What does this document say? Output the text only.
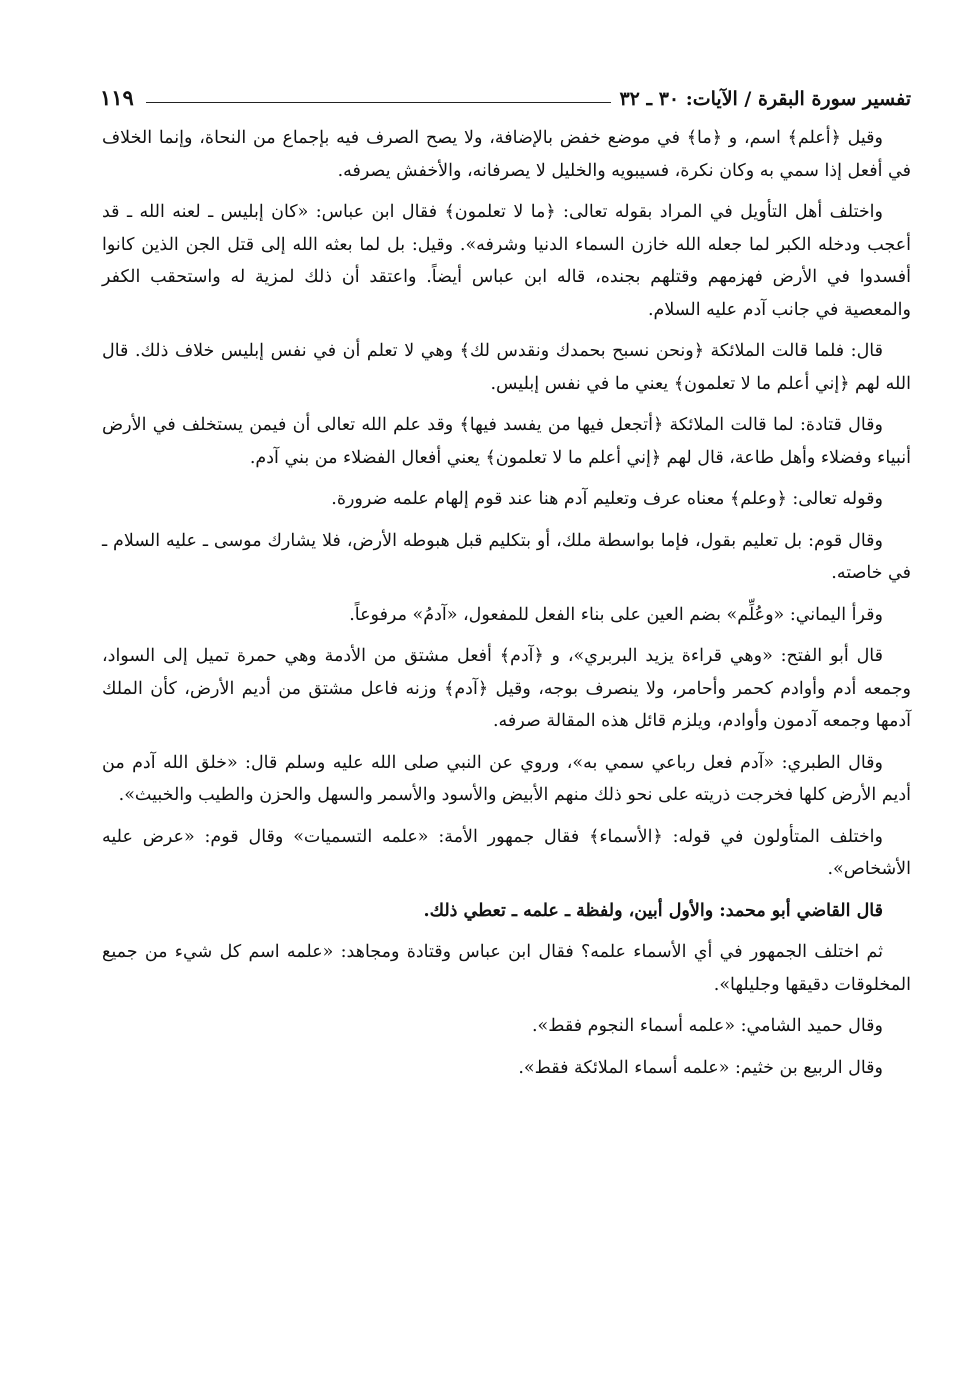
تفسير سورة البقرة / الآيات: ٣٠ ـ ٣٢
١١٩

وقيل ﴿أعلم﴾ اسم، و ﴿ما﴾ في موضع خفض بالإضافة، ولا يصح الصرف فيه بإجماع من النحاة، وإنما الخلاف في أفعل إذا سمي به وكان نكرة، فسيبويه والخليل لا يصرفانه، والأخفش يصرفه.

واختلف أهل التأويل في المراد بقوله تعالى: ﴿ما لا تعلمون﴾ فقال ابن عباس: «كان إبليس ـ لعنه الله ـ قد أعجب ودخله الكبر لما جعله الله خازن السماء الدنيا وشرفه». وقيل: بل لما بعثه الله إلى قتل الجن الذين كانوا أفسدوا في الأرض فهزمهم وقتلهم بجنده، قاله ابن عباس أيضاً. واعتقد أن ذلك لمزية له واستحقب الكفر والمعصية في جانب آدم عليه السلام.

قال: فلما قالت الملائكة ﴿ونحن نسبح بحمدك ونقدس لك﴾ وهي لا تعلم أن في نفس إبليس خلاف ذلك. قال الله لهم ﴿إني أعلم ما لا تعلمون﴾ يعني ما في نفس إبليس.

وقال قتادة: لما قالت الملائكة ﴿أتجعل فيها من يفسد فيها﴾ وقد علم الله تعالى أن فيمن يستخلف في الأرض أنبياء وفضلاء وأهل طاعة، قال لهم ﴿إني أعلم ما لا تعلمون﴾ يعني أفعال الفضلاء من بني آدم.

وقوله تعالى: ﴿وعلم﴾ معناه عرف وتعليم آدم هنا عند قوم إلهام علمه ضرورة.

وقال قوم: بل تعليم بقول، فإما بواسطة ملك، أو بتكليم قبل هبوطه الأرض، فلا يشارك موسى ـ عليه السلام ـ في خاصته.

وقرأ اليماني: «وعُلِّم» بضم العين على بناء الفعل للمفعول، «آدمُ» مرفوعاً.

قال أبو الفتح: «وهي قراءة يزيد البربري»، و ﴿آدم﴾ أفعل مشتق من الأدمة وهي حمرة تميل إلى السواد، وجمعه أدم وأوادم كحمر وأحامر، ولا ينصرف بوجه، وقيل ﴿آدم﴾ وزنه فاعل مشتق من أديم الأرض، كأن الملك آدمها وجمعه آدمون وأوادم، ويلزم قائل هذه المقالة صرفه.

وقال الطبري: «آدم فعل رباعي سمي به»، وروي عن النبي صلى الله عليه وسلم قال: «خلق الله آدم من أديم الأرض كلها فخرجت ذريته على نحو ذلك منهم الأبيض والأسود والأسمر والسهل والحزن والطيب والخبيث».

واختلف المتأولون في قوله: ﴿الأسماء﴾ فقال جمهور الأمة: «علمه التسميات» وقال قوم: «عرض عليه الأشخاص».

قال القاضي أبو محمد: والأول أبين، ولفظة ـ علمه ـ تعطي ذلك.

ثم اختلف الجمهور في أي الأسماء علمه؟ فقال ابن عباس وقتادة ومجاهد: «علمه اسم كل شيء من جميع المخلوقات دقيقها وجليلها».

وقال حميد الشامي: «علمه أسماء النجوم فقط».

وقال الربيع بن خثيم: «علمه أسماء الملائكة فقط».
